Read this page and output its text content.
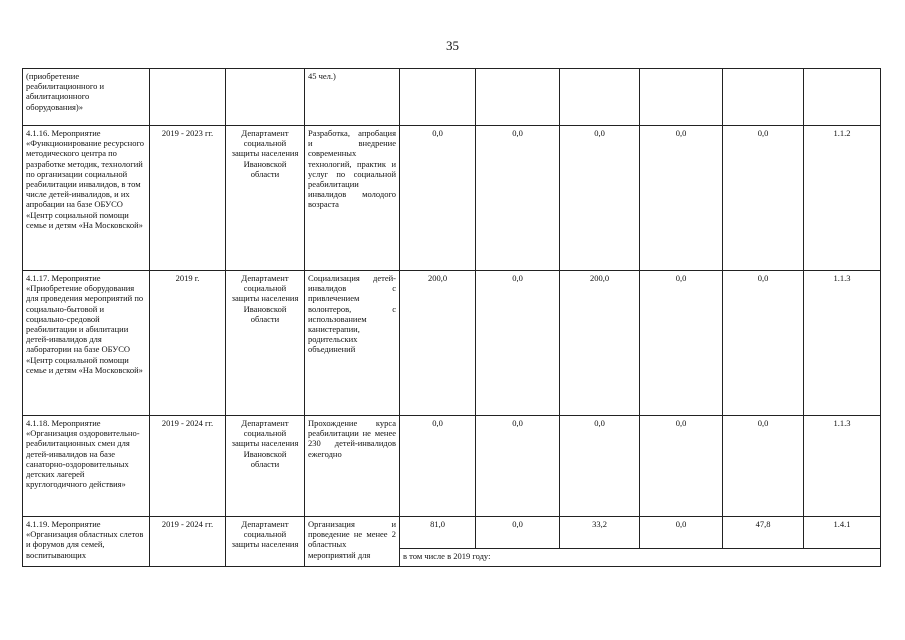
35
(приобретение реабилитационного и абилитационного оборудования)»			45 чел.)						
4.1.16. Мероприятие «Функционирование ресурсного методического центра по разработке методик, технологий по организации социальной реабилитации инвалидов, в том числе детей-инвалидов, и их апробации на базе ОБУСО «Центр социальной помощи семье и детям «На Московской»	2019 - 2023 гг.	Департамент социальной защиты населения Ивановской области	Разработка, апробация и внедрение современных технологий, практик и услуг по социальной реабилитации инвалидов молодого возраста	0,0	0,0	0,0	0,0	0,0	1.1.2
4.1.17. Мероприятие «Приобретение оборудования для проведения мероприятий по социально-бытовой и социально-средовой реабилитации и абилитации детей-инвалидов для лаборатории на базе ОБУСО «Центр социальной помощи семье и детям «На Московской»	2019 г.	Департамент социальной защиты населения Ивановской области	Социализация детей-инвалидов с привлечением волонтеров, с использованием канистерапии, родительских объединений	200,0	0,0	200,0	0,0	0,0	1.1.3
4.1.18. Мероприятие «Организация оздоровительно-реабилитационных смен для детей-инвалидов на базе санаторно-оздоровительных детских лагерей круглогодичного действия»	2019 - 2024 гг.	Департамент социальной защиты населения Ивановской области	Прохождение курса реабилитации не менее 230 детей-инвалидов ежегодно	0,0	0,0	0,0	0,0	0,0	1.1.3
4.1.19. Мероприятие «Организация областных слетов и форумов для семей, воспитывающих	2019 - 2024 гг.	Департамент социальной защиты населения	Организация и проведение не менее 2 областных мероприятий для	81,0	0,0	33,2	0,0	47,8	1.4.1
				в том числе в 2019 году:					
